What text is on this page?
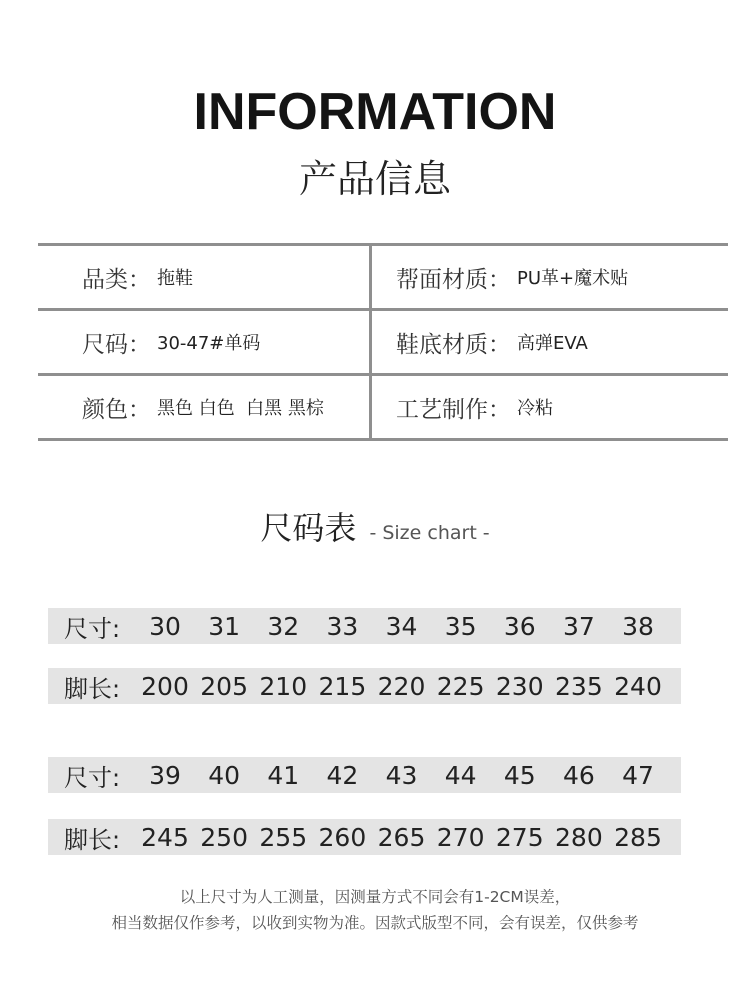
INFORMATION
产品信息
品类： 拖鞋	帮面材质： PU革+魔术贴
尺码： 30-47#单码	鞋底材质： 高弹EVA
颜色： 黑色 白色  白黑 黑棕	工艺制作： 冷粘
尺码表 - Size chart -
尺寸:	30	31	32	33	34	35	36	37	38
脚长: 200 205 210 215 220 225 230 235 240
尺寸:	39	40	41	42	43	44	45	46	47
脚长: 245 250 255 260 265 270 275 280 285
以上尺寸为人工测量，因测量方式不同会有1-2CM误差，
相当数据仅作参考，以收到实物为准。因款式版型不同，会有误差，仅供参考
